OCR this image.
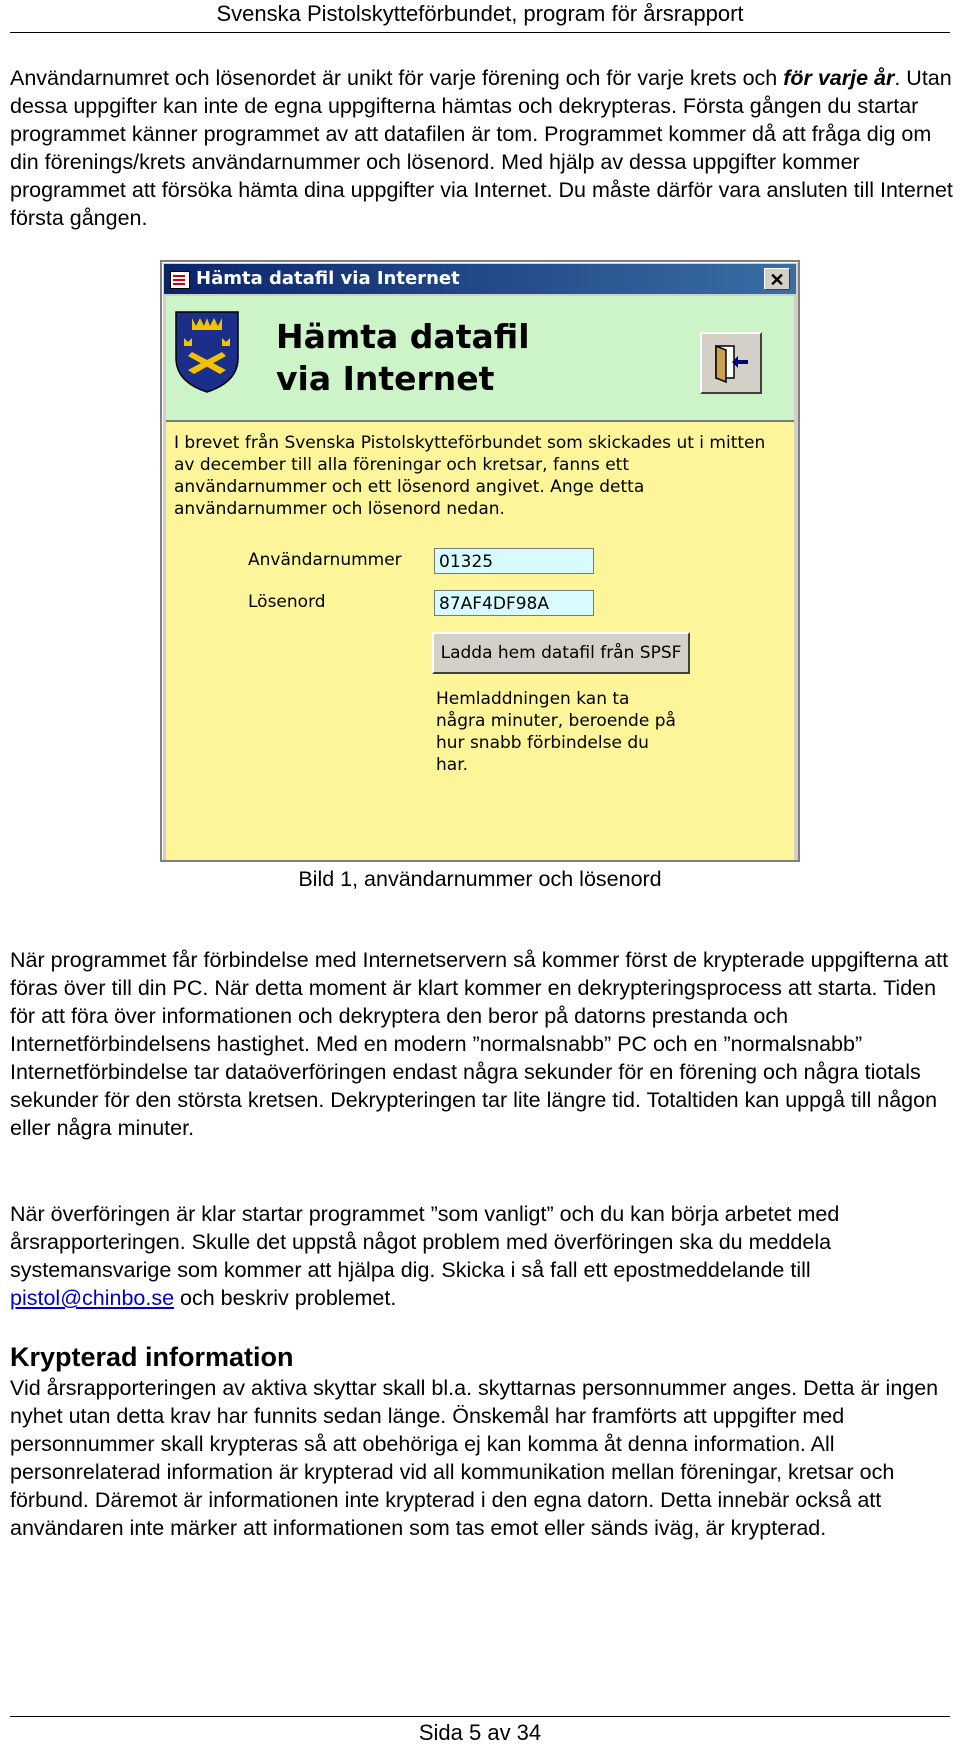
Svenska Pistolskytteförbundet, program för årsrapport

Användarnumret och lösenordet är unikt för varje förening och för varje krets och för varje år. Utan dessa uppgifter kan inte de egna uppgifterna hämtas och dekrypteras. Första gången du startar programmet känner programmet av att datafilen är tom. Programmet kommer då att fråga dig om din förenings/krets användarnummer och lösenord. Med hjälp av dessa uppgifter kommer programmet att försöka hämta dina uppgifter via Internet. Du måste därför vara ansluten till Internet första gången.

Hämta datafil via Internet	✕
Hämta datafil
via Internet
I brevet från Svenska Pistolskytteförbundet som skickades ut i mitten av december till alla föreningar och kretsar, fanns ett användarnummer och ett lösenord angivet. Ange detta användarnummer och lösenord nedan.
Användarnummer 01325
Lösenord	87AF4DF98A
Ladda hem datafil från SPSF
Hemladdningen kan ta några minuter, beroende på hur snabb förbindelse du har.
Bild 1, användarnummer och lösenord

När programmet får förbindelse med Internetservern så kommer först de krypterade uppgifterna att föras över till din PC. När detta moment är klart kommer en dekrypteringsprocess att starta. Tiden för att föra över informationen och dekryptera den beror på datorns prestanda och Internetförbindelsens hastighet. Med en modern ”normalsnabb” PC och en ”normalsnabb” Internetförbindelse tar dataöverföringen endast några sekunder för en förening och några tiotals sekunder för den största kretsen. Dekrypteringen tar lite längre tid. Totaltiden kan uppgå till någon eller några minuter.

När överföringen är klar startar programmet ”som vanligt” och du kan börja arbetet med årsrapporteringen. Skulle det uppstå något problem med överföringen ska du meddela systemansvarige som kommer att hjälpa dig. Skicka i så fall ett epostmeddelande till pistol@chinbo.se och beskriv problemet.

Krypterad information

Vid årsrapporteringen av aktiva skyttar skall bl.a. skyttarnas personnummer anges. Detta är ingen nyhet utan detta krav har funnits sedan länge. Önskemål har framförts att uppgifter med personnummer skall krypteras så att obehöriga ej kan komma åt denna information. All personrelaterad information är krypterad vid all kommunikation mellan föreningar, kretsar och förbund. Däremot är informationen inte krypterad i den egna datorn. Detta innebär också att användaren inte märker att informationen som tas emot eller sänds iväg, är krypterad.

Sida 5 av 34
